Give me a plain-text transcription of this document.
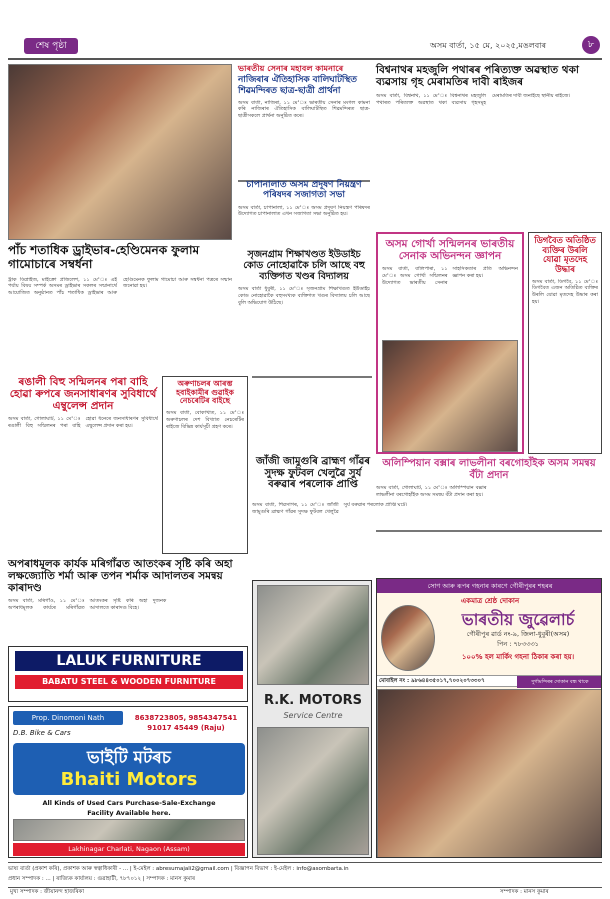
শেষ পৃষ্ঠা	অসম বাৰ্তা, ১৫ মে, ২০২৫,মঙলবাৰ	৮
ভাৰতীয় সেনাৰ মহাবল কামনাৰে
নাজিৰাৰ ঐতিহাসিক বালিঘাটস্থিত শিৱমন্দিৰত ছাত্ৰ-ছাত্ৰী প্ৰাৰ্থনা
অসম বাৰ্তা, নাজিৰা, ১১ মে’ঃ ভাৰতীয় সেনাৰ মংগল কামনা কৰি নাজিৰাৰ ঐতিহাসিক বালিঘাটস্থিত শিৱমন্দিৰত ছাত্ৰ-ছাত্ৰীসকলে প্ৰাৰ্থনা অনুষ্ঠিত কৰে।
বিশ্বনাথৰ মহজুলি পথাৰৰ পৰিত্যক্ত অৱস্থাত থকা ব্যৱসায় গৃহ মেৰামতিৰ দাবী ৰাইজৰ
অসম বাৰ্তা, বিশ্বনাথ, ১১ মে’ঃ বিশ্বনাথৰ মহজুলি পথাৰত পৰিত্যক্ত অৱস্থাত থকা ব্যৱসায় গৃহসমূহ মেৰামতিৰ দাবী জনাইছে স্থানীয় ৰাইজে।
চাপানালাত অসম প্ৰদূষণ নিয়ন্ত্ৰণ পৰিষদৰ সজাগতা সভা
অসম বাৰ্তা, চাপানালা, ১১ মে’ঃ অসম প্ৰদূষণ নিয়ন্ত্ৰণ পৰিষদৰ উদ্যোগত চাপানালাত এখন সজাগতা সভা অনুষ্ঠিত হয়।
পাঁচ শতাধিক ড্ৰাইভাৰ-হেণ্ডিমেনক ফুলাম গামোচাৰে সম্বৰ্ধনা
ট্ৰাক ডিপ্লাইজ, মাইক্ৰো প্ৰজিলেশ, ১১ মে’ঃ এই পৰ্যায় বিষয় সম্পৰ্ক অসমৰ ড্ৰাইভাৰ সকলৰ সন্মানাৰ্থে আয়োজিত অনুষ্ঠানত পাঁচ শতাধিক ড্ৰাইভাৰ আৰু হেণ্ডিমেনক ফুলাম গামোচা আৰু সম্বৰ্ধনা পত্ৰৰে সন্মান জনোৱা হয়।
সৃজনগ্ৰাম শিক্ষাখণ্ডত ইউডাইচ কোড নোহোৱাকৈ চলি আছে বহু ব্যক্তিগত খণ্ডৰ বিদ্যালয়
অসম বাৰ্তা ধুবুৰী, ১১ মে’ঃ সৃজনগ্ৰাম শিক্ষাখণ্ডত ইউডাইচ কোড নোহোৱাকৈ বহুসংখ্যক ব্যক্তিগত খণ্ডৰ বিদ্যালয় চলি আছে বুলি অভিযোগ উঠিছে।
অসম গোৰ্খা সন্মিলনৰ ভাৰতীয় সেনাক অভিনন্দন জ্ঞাপন
অসম বাৰ্তা, বালিপাৰা, ১১ মে’ঃ অসম গোৰ্খা সন্মিলনৰ উদ্যোগত ভাৰতীয় সেনাৰ সাহসিকতাৰ প্ৰতি অভিনন্দন জ্ঞাপন কৰা হয়।
ডিগবৈত অতিষ্ঠিত ব্যক্তিৰ উৰলি যোৱা মৃতদেহ উদ্ধাৰ
অসম বাৰ্তা, ডিগবৈ, ১১ মে’ঃ ডিগবৈত এজন অতিষ্ঠিত ব্যক্তিৰ উৰলি যোৱা মৃতদেহ উদ্ধাৰ কৰা হয়।
ৰঙালী বিহু সন্মিলনৰ পৰা বাহি হোৱা ৰুপৰে জনসাধাৰণৰ সুবিধাৰ্থে এম্বুলেন্স প্ৰদান
অসম বাৰ্তা, গোলাঘাট, ১১ মে’ঃ ৰঙালী বিহু সন্মিলনৰ পৰা বাহি হোৱা ধনেৰে জনসাধাৰণৰ সুবিধাৰ্থে এম্বুলেন্স প্ৰদান কৰা হয়।
অৰুণাচলৰ আৰম্ভ হবাইকামীৰ গুৱাইক নেচৰেটিৰ বাইছে
অসম বাৰ্তা, বোকাখাত, ১১ মে’ঃ অৰুণাচলৰ দেশ বিখ্যাত নেচৰেটিৰ ৰাইজে বিভিন্ন কাৰ্যসূচী গ্ৰহণ কৰে।
জাঁজী জামুগুৰি ব্ৰাহ্মণ গাঁৱৰ সুদক্ষ ফুটবল খেলুৱৈ সুৰ্য বৰুৱাৰ পৰলোক প্ৰাপ্তি
অসম বাৰ্তা, শিৱসাগৰ, ১১ মে’ঃ জাঁজী জামুগুৰি ব্ৰাহ্মণ গাঁৱৰ সুদক্ষ ফুটবল খেলুৱৈ সুৰ্য বৰুৱাৰ পৰলোক প্ৰাপ্তি ঘটে।
অলিম্পিয়ান বক্সাৰ লাভলীনা বৰগোহাঁইক অসম সমন্বয় বঁটা প্ৰদান
অসম বাৰ্তা, গোলাঘাট, ১১ মে’ঃ অলিম্পিয়ান বক্সাৰ লাভলীনা বৰগোহাঁইক অসম সমন্বয় বঁটা প্ৰদান কৰা হয়।
অপৰাধমূলক কাৰ্যক মৰিগাঁৱত আতংকৰ সৃষ্টি কৰি অহা লক্ষজ্যোতি শৰ্মা আৰু তপন শৰ্মাক আদালতৰ সমন্বয় কাৰাদণ্ড
অসম বাৰ্তা, মৰিগাঁও, ১১ মে’ঃ অপৰাধমূলক কাৰ্যৰে মৰিগাঁৱত আতংকৰ সৃষ্টি কৰি অহা দুজনক আদালতে কাৰাদণ্ড বিহে।
LALUK FURNITURE
BABATU STEEL & WOODEN FURNITURE
Prop. Dinomoni Nath
D.B. Bike & Cars
8638723805, 9854347541 91017 45449 (Raju)
ভাইটি মটৰচ
Bhaiti Motors
All Kinds of Used Cars Purchase-Sale-Exchange
Facility Available here.
Lakhinagar Charlati, Nagaon (Assam)
R.K. MOTORS
Service Centre
সোণ আৰু ৰূপৰ গহনাৰ কাৰণে গৌৰীপুৰৰ শহৰৰ
একমাত্ৰ শ্ৰেষ্ঠ দোকান
ভাৰতীয় জুৱেলাৰ্চ
গৌৰীপুৰ ৱাৰ্ড নং-৯, জিলা-ধুবুৰী(অসম)
পিন : ৭৮৩৩৩১
১০০% হল মাৰ্কিং গহনা ঠিকাৰ কৰা হয়।
মোবাইল নং : ৯৮৬৪৪৩৫০১৭,৭০০২০৭৩৩০৭	দুৰ্গামন্দিৰৰ দোকান বন্ধ থাকে
ভাষ্য বাৰ্তা (প্ৰকাশ কৰি), প্ৰকাশক আৰু স্বত্বাধিকাৰী - ... | ই-মেইল : abresumajali2@gmail.com | বিজ্ঞাপন বিভাগ : ই-মেইল : info@asombarta.in
প্ৰধান সম্পাদক : ... | ৰাজ্যিক কাৰ্যালয় : গুৱাহাটী, ৭৮৭০১২ | সম্পাদক : মানস কুমাৰ
মুখ্য সম্পাদক : জীয়ানন্দ হাজৰিকা	সম্পাদক : মানস কুমাৰ
